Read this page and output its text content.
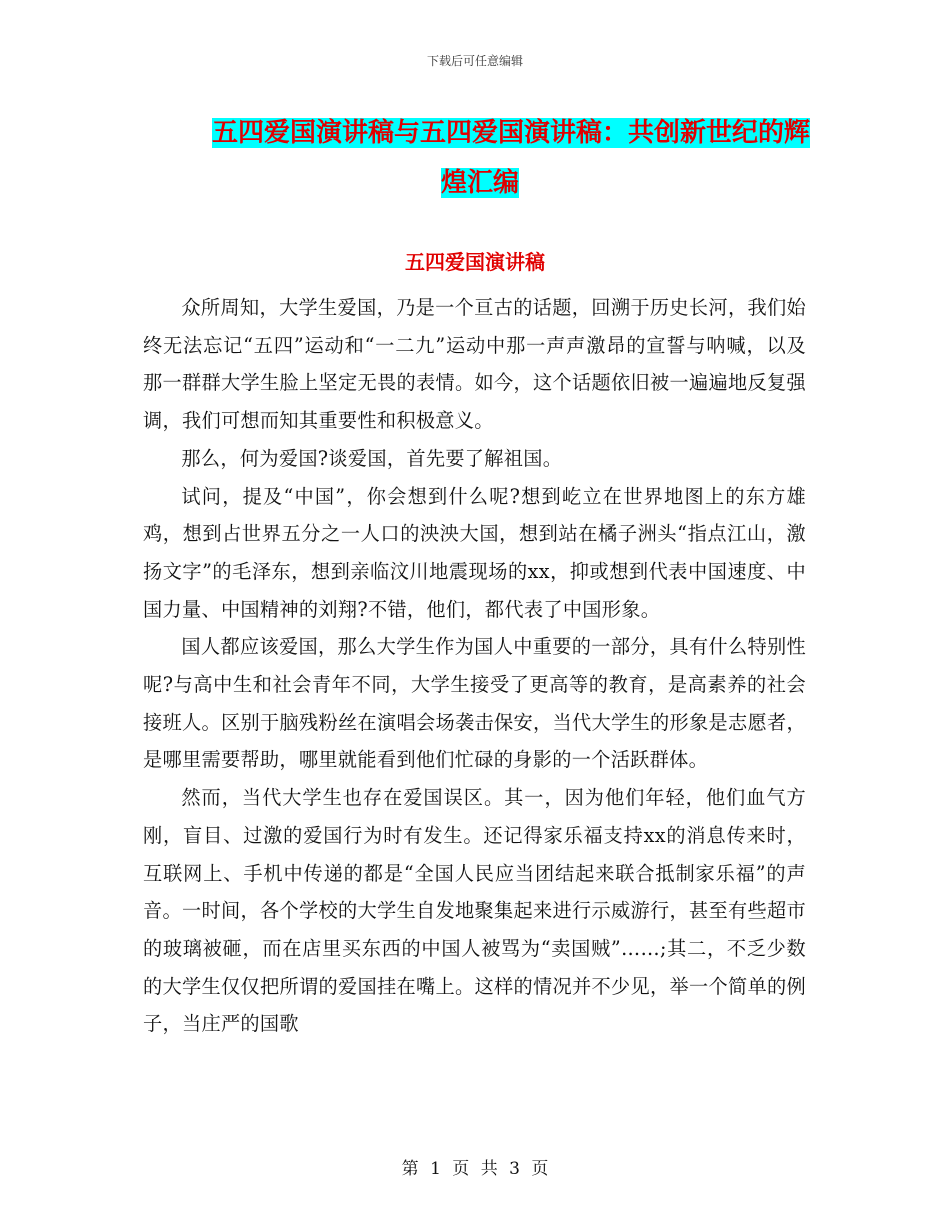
下载后可任意编辑
五四爱国演讲稿与五四爱国演讲稿：共创新世纪的辉
煌汇编
五四爱国演讲稿

众所周知，大学生爱国，乃是一个亘古的话题，回溯于历史长河，我们始终无法忘记“五四”运动和“一二九”运动中那一声声激昂的宣誓与呐喊，以及那一群群大学生脸上坚定无畏的表情。如今，这个话题依旧被一遍遍地反复强调，我们可想而知其重要性和积极意义。

那么，何为爱国?谈爱国，首先要了解祖国。

试问，提及“中国”，你会想到什么呢?想到屹立在世界地图上的东方雄鸡，想到占世界五分之一人口的泱泱大国，想到站在橘子洲头“指点江山，激扬文字”的毛泽东，想到亲临汶川地震现场的xx，抑或想到代表中国速度、中国力量、中国精神的刘翔?不错，他们，都代表了中国形象。

国人都应该爱国，那么大学生作为国人中重要的一部分，具有什么特别性呢?与高中生和社会青年不同，大学生接受了更高等的教育，是高素养的社会接班人。区别于脑残粉丝在演唱会场袭击保安，当代大学生的形象是志愿者，是哪里需要帮助，哪里就能看到他们忙碌的身影的一个活跃群体。

然而，当代大学生也存在爱国误区。其一，因为他们年轻，他们血气方刚，盲目、过激的爱国行为时有发生。还记得家乐福支持xx的消息传来时，互联网上、手机中传递的都是“全国人民应当团结起来联合抵制家乐福”的声音。一时间，各个学校的大学生自发地聚集起来进行示威游行，甚至有些超市的玻璃被砸，而在店里买东西的中国人被骂为“卖国贼”……;其二，不乏少数的大学生仅仅把所谓的爱国挂在嘴上。这样的情况并不少见，举一个简单的例子，当庄严的国歌

第 1 页 共 3 页
